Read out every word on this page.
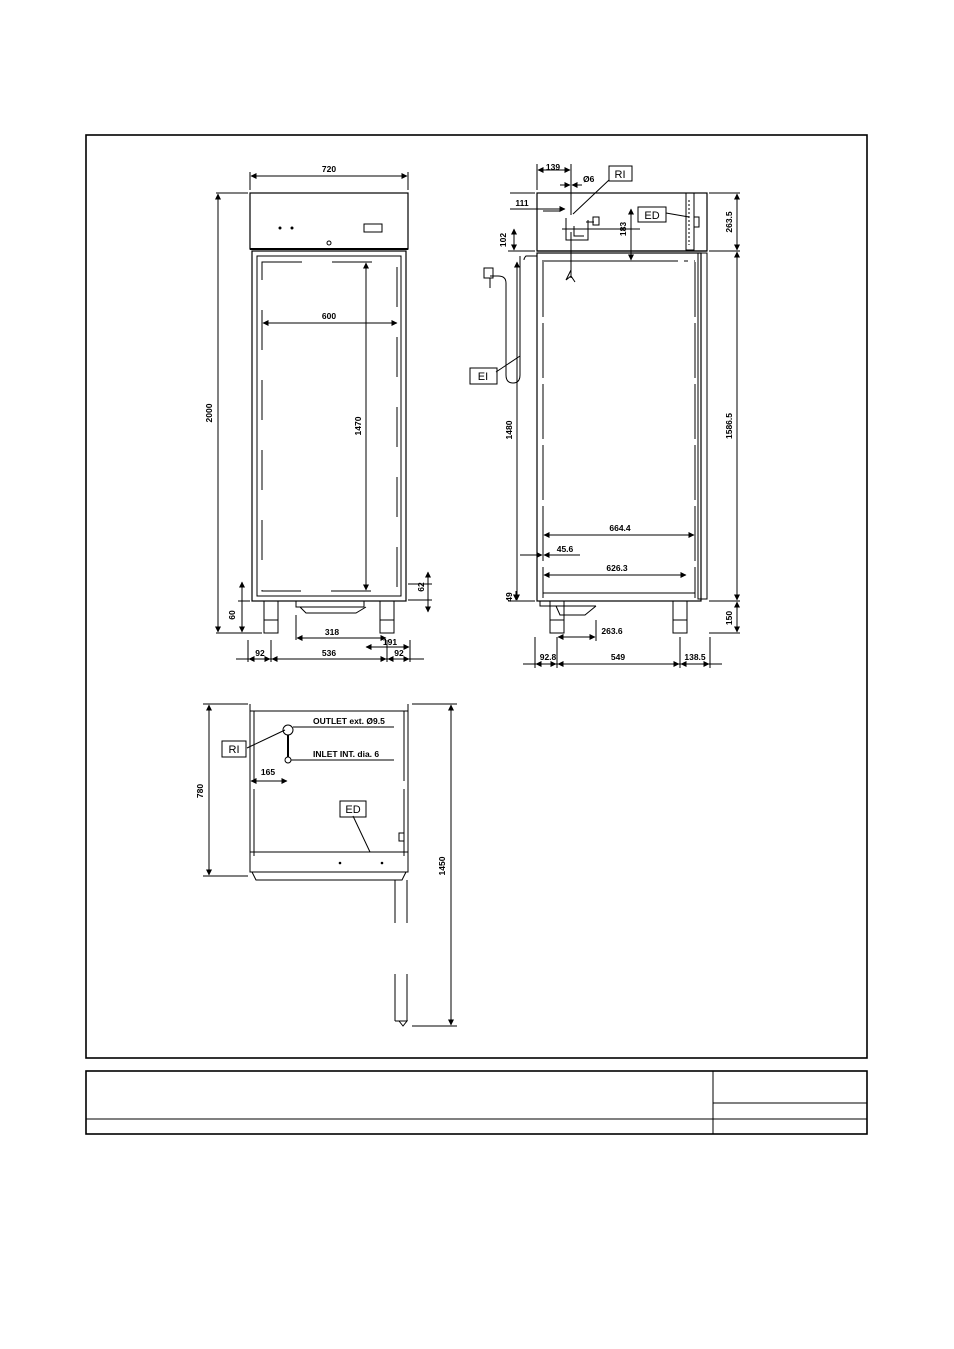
720
600
2000
1470
60
62
318
191
92	536	92
139
Ø6
111
102
183	263.5
1586.5
150
1480
49
664.4
45.6
626.3
263.6
92.8	549	138.5
RI
ED
EI
780
1450
165
OUTLET ext. Ø9.5
INLET INT. dia. 6
RI
ED
